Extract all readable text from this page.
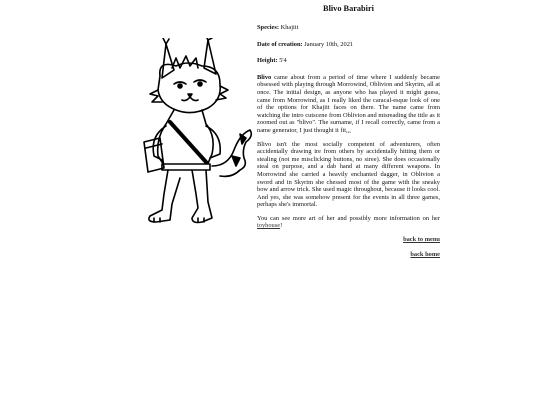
Blivo Barabiri
Species: Khajiit
Date of creation: January 10th, 2021
Height: 5'4

Blivo came about from a period of time where I suddenly became obsessed with playing through Morrowind, Oblivion and Skyrim, all at once. The initial design, as anyone who has played it might guess, came from Morrowind, as I really liked the caracal-esque look of one of the options for Khajiit faces on there. The name came from watching the intro cutscene from Oblivion and misreading the title as it zoomed out as "blivo". The surname, if I recall correctly, came from a name generator, I just thought it fit,,,

Blivo isn't the most socially competent of adventurers, often accidentally drawing ire from others by accidentally hitting them or stealing (not me misclicking buttons, no siree). She does occasionally steal on purpose, and a dab hand at many different weapons. In Morrowind she carried a heavily enchanted dagger, in Oblivion a sword and in Skyrim she chessed most of the game with the sneaky bow and arrow trick. She used magic throughout, because it looks cool. And yes, she was somehow present for the events in all three games, perhaps she's immortal.

You can see more art of her and possibly more information on her toyhouse!

back to menu
back home
